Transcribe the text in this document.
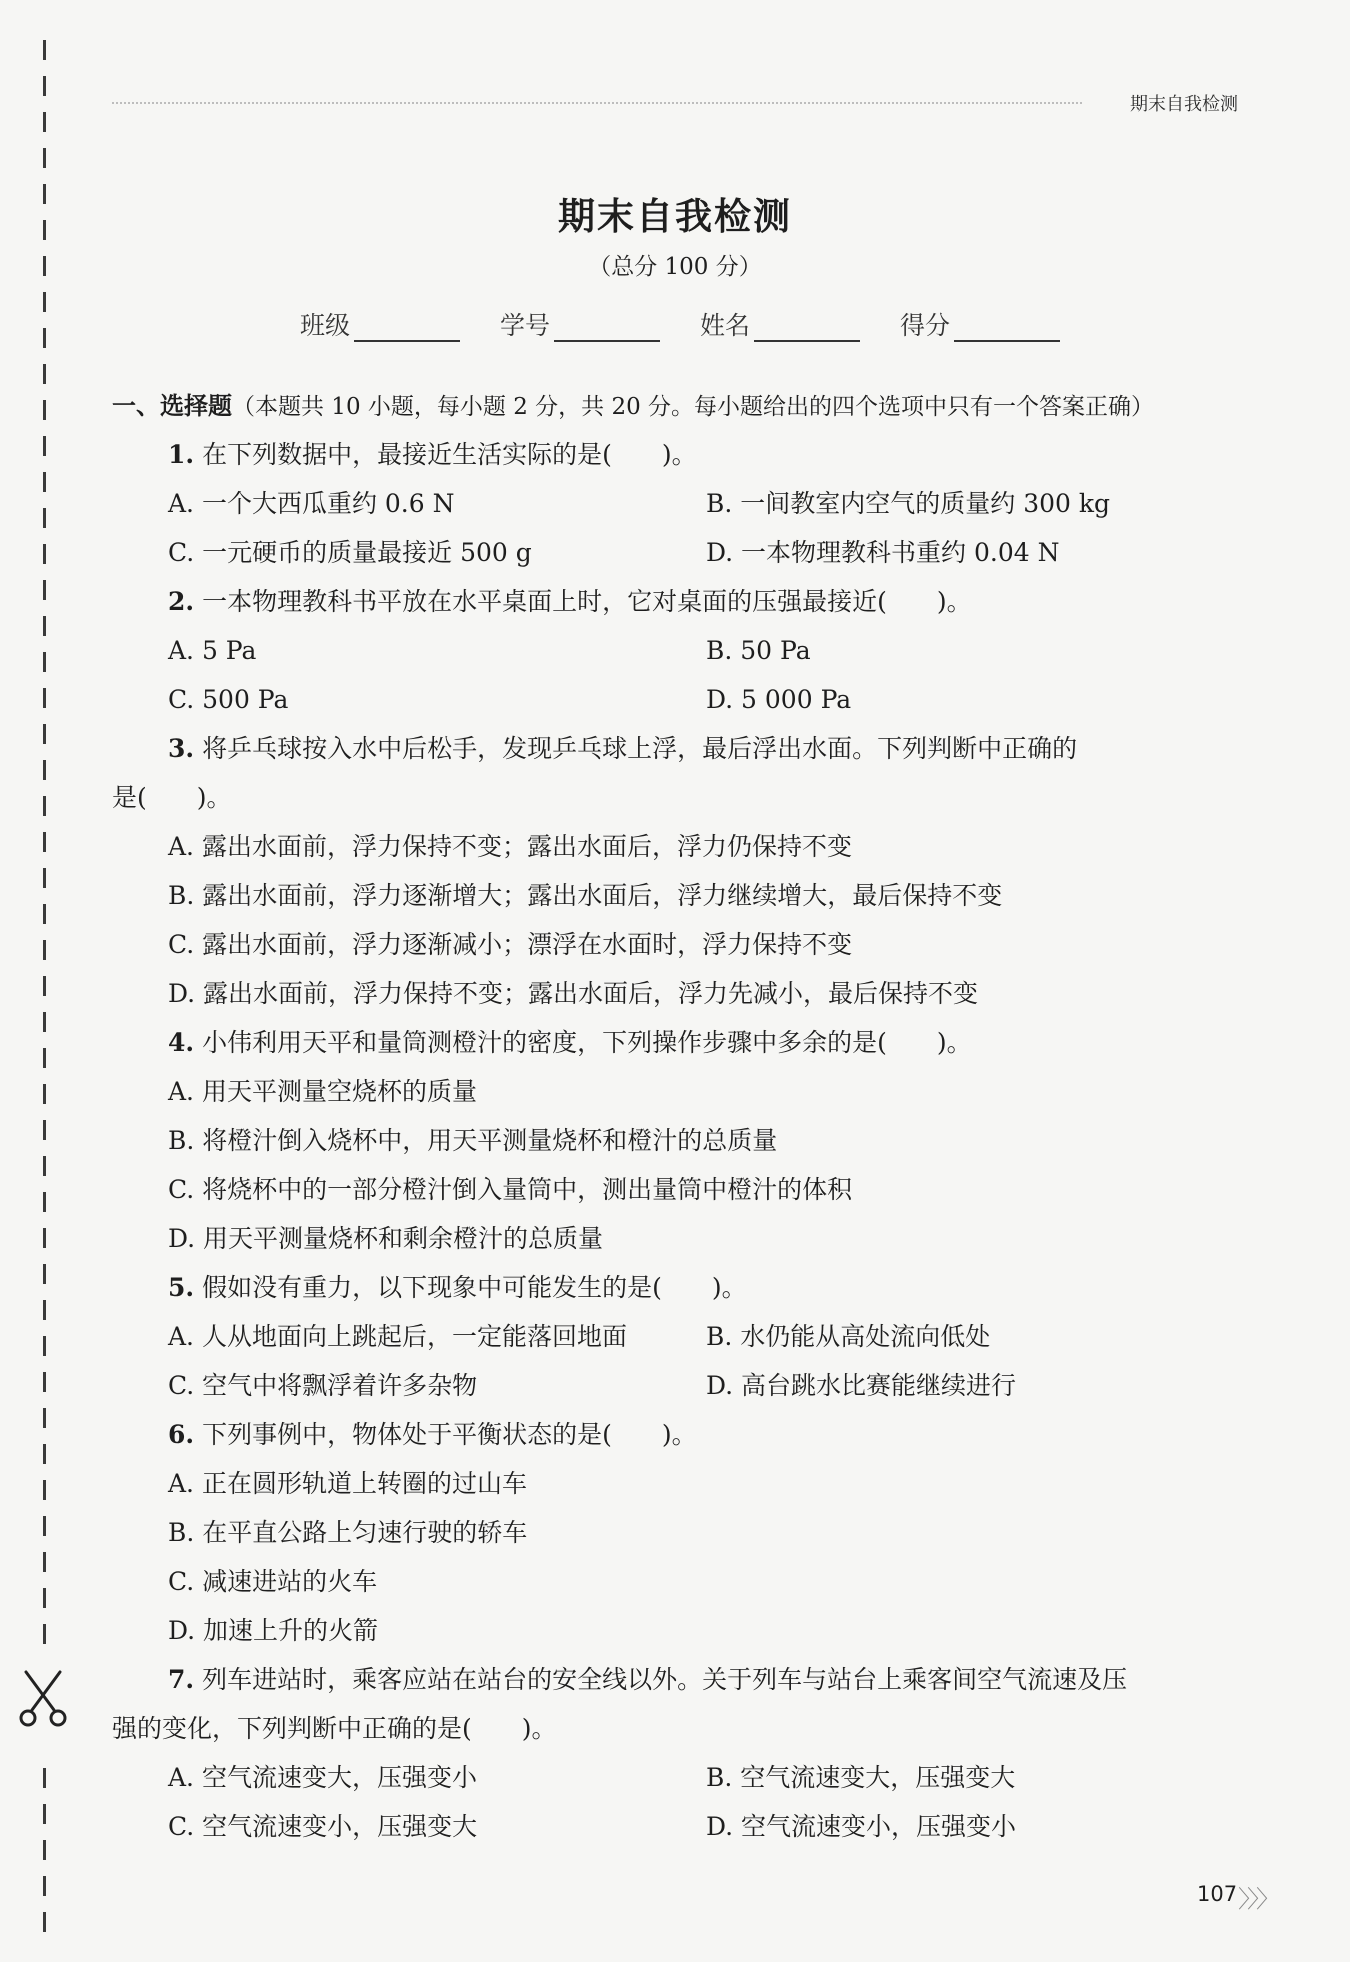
期末自我检测
期末自我检测
（总分 100 分）
班级	学号	姓名	得分
一、选择题（本题共 10 小题，每小题 2 分，共 20 分。每小题给出的四个选项中只有一个答案正确）
1. 在下列数据中，最接近生活实际的是(　　)。
A. 一个大西瓜重约 0.6 N	B. 一间教室内空气的质量约 300 kg
C. 一元硬币的质量最接近 500 g	D. 一本物理教科书重约 0.04 N
2. 一本物理教科书平放在水平桌面上时，它对桌面的压强最接近(　　)。
A. 5 Pa	B. 50 Pa
C. 500 Pa	D. 5 000 Pa
3. 将乒乓球按入水中后松手，发现乒乓球上浮，最后浮出水面。下列判断中正确的
是(　　)。
A. 露出水面前，浮力保持不变；露出水面后，浮力仍保持不变
B. 露出水面前，浮力逐渐增大；露出水面后，浮力继续增大，最后保持不变
C. 露出水面前，浮力逐渐减小；漂浮在水面时，浮力保持不变
D. 露出水面前，浮力保持不变；露出水面后，浮力先减小，最后保持不变
4. 小伟利用天平和量筒测橙汁的密度，下列操作步骤中多余的是(　　)。
A. 用天平测量空烧杯的质量
B. 将橙汁倒入烧杯中，用天平测量烧杯和橙汁的总质量
C. 将烧杯中的一部分橙汁倒入量筒中，测出量筒中橙汁的体积
D. 用天平测量烧杯和剩余橙汁的总质量
5. 假如没有重力，以下现象中可能发生的是(　　)。
A. 人从地面向上跳起后，一定能落回地面	B. 水仍能从高处流向低处
C. 空气中将飘浮着许多杂物	D. 高台跳水比赛能继续进行
6. 下列事例中，物体处于平衡状态的是(　　)。
A. 正在圆形轨道上转圈的过山车
B. 在平直公路上匀速行驶的轿车
C. 减速进站的火车
D. 加速上升的火箭
7. 列车进站时，乘客应站在站台的安全线以外。关于列车与站台上乘客间空气流速及压
强的变化，下列判断中正确的是(　　)。
A. 空气流速变大，压强变小	B. 空气流速变大，压强变大
C. 空气流速变小，压强变大	D. 空气流速变小，压强变小
107 〉〉〉
